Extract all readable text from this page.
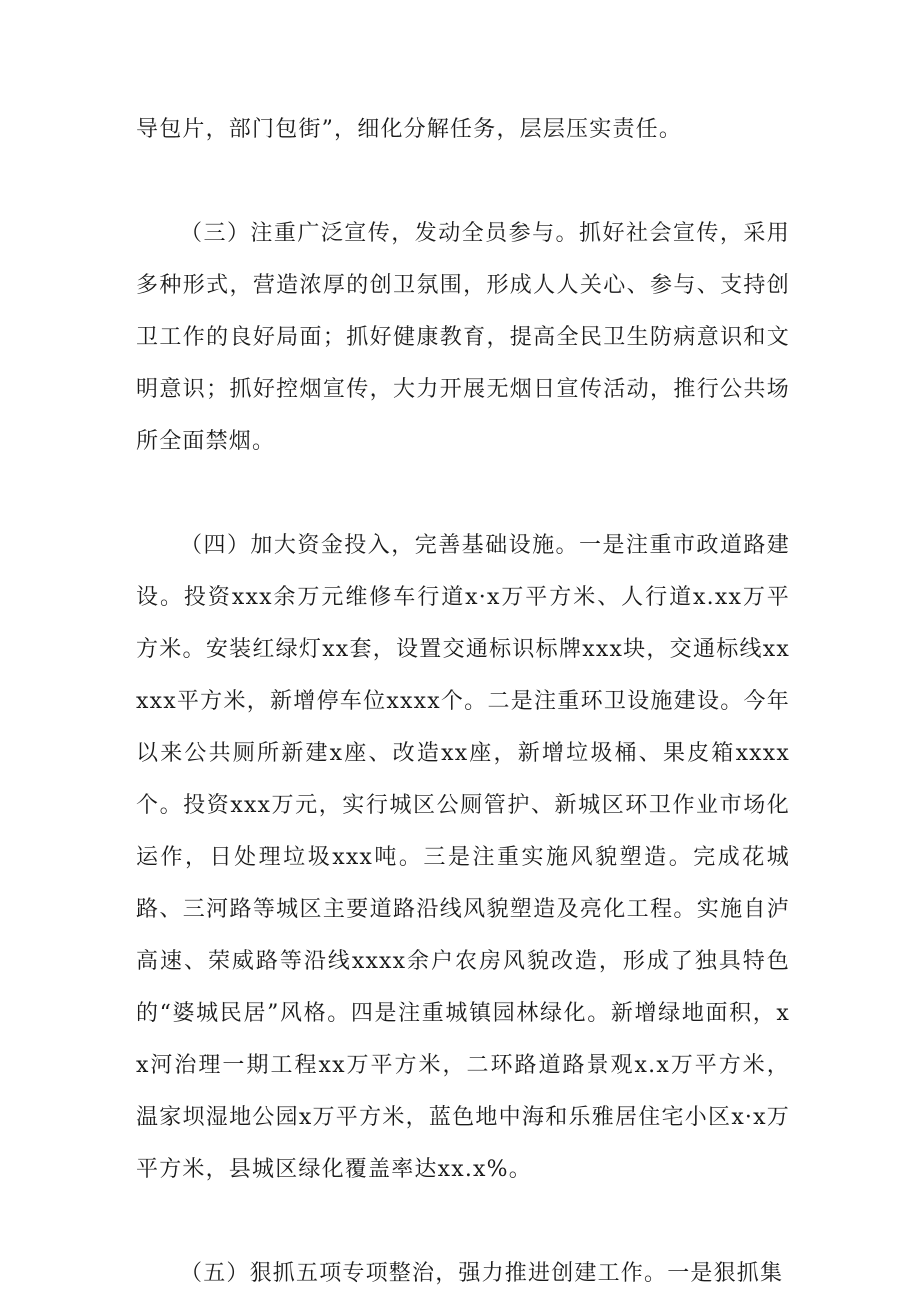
导包片，部门包街”，细化分解任务，层层压实责任。

（三）注重广泛宣传，发动全员参与。抓好社会宣传，采用多种形式，营造浓厚的创卫氛围，形成人人关心、参与、支持创卫工作的良好局面；抓好健康教育，提高全民卫生防病意识和文明意识；抓好控烟宣传，大力开展无烟日宣传活动，推行公共场所全面禁烟。

（四）加大资金投入，完善基础设施。一是注重市政道路建设。投资xxx余万元维修车行道x·x万平方米、人行道x.xx万平方米。安装红绿灯xx套，设置交通标识标牌xxx块，交通标线xxxxx平方米，新增停车位xxxx个。二是注重环卫设施建设。今年以来公共厕所新建x座、改造xx座，新增垃圾桶、果皮箱xxxx个。投资xxx万元，实行城区公厕管护、新城区环卫作业市场化运作，日处理垃圾xxx吨。三是注重实施风貌塑造。完成花城路、三河路等城区主要道路沿线风貌塑造及亮化工程。实施自泸高速、荣威路等沿线xxxx余户农房风貌改造，形成了独具特色的“婆城民居”风格。四是注重城镇园林绿化。新增绿地面积，xx河治理一期工程xx万平方米，二环路道路景观x.x万平方米，温家坝湿地公园x万平方米，蓝色地中海和乐雅居住宅小区x·x万平方米，县城区绿化覆盖率达xx.x%。

（五）狠抓五项专项整治，强力推进创建工作。一是狠抓集
